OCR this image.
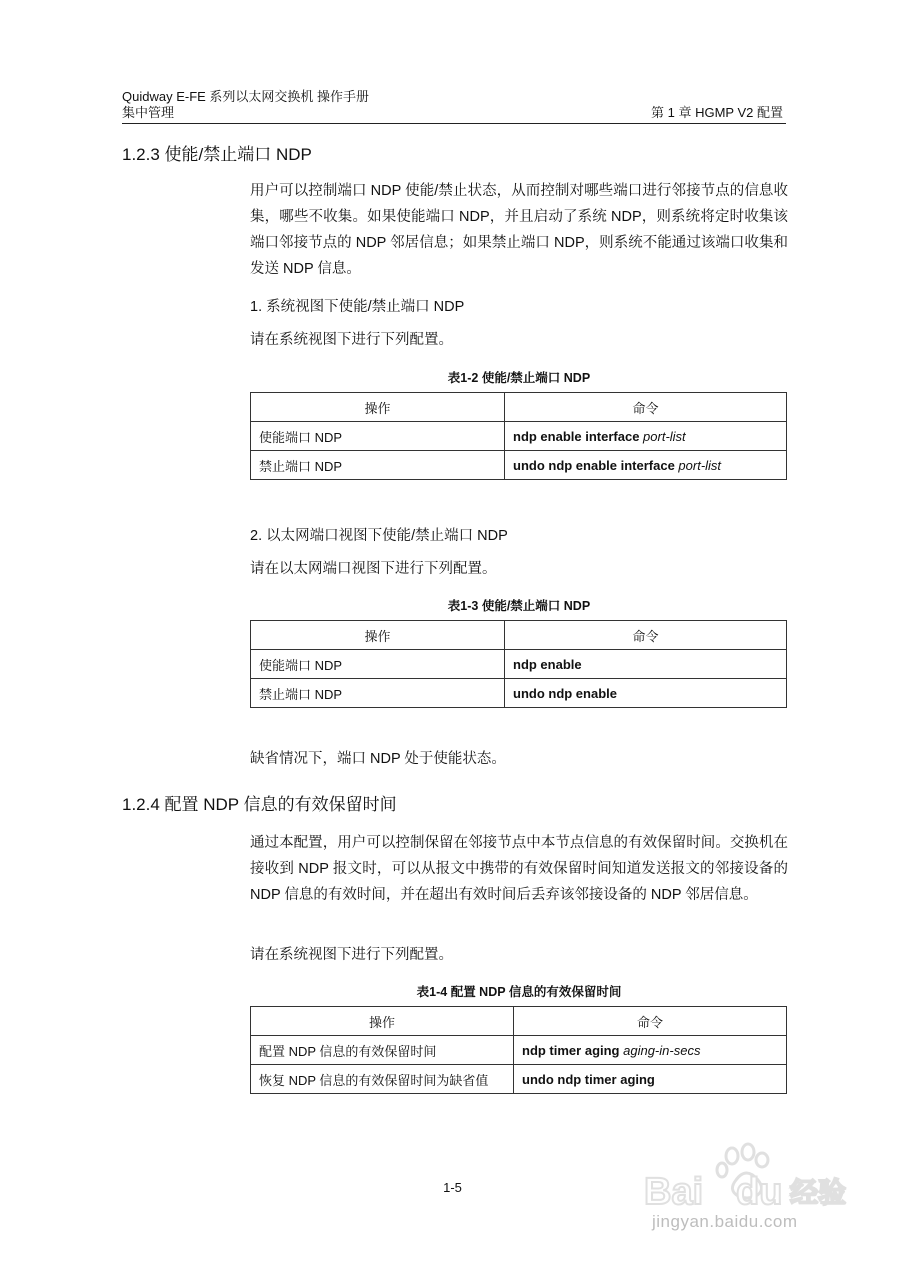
Quidway E-FE 系列以太网交换机 操作手册
集中管理	第 1 章 HGMP V2 配置
1.2.3 使能/禁止端口 NDP
用户可以控制端口 NDP 使能/禁止状态，从而控制对哪些端口进行邻接节点的信息收集，哪些不收集。如果使能端口 NDP，并且启动了系统 NDP，则系统将定时收集该端口邻接节点的 NDP 邻居信息；如果禁止端口 NDP，则系统不能通过该端口收集和发送 NDP 信息。
1. 系统视图下使能/禁止端口 NDP
请在系统视图下进行下列配置。
表1-2 使能/禁止端口 NDP
操作	命令
使能端口 NDP	ndp enable interface port-list
禁止端口 NDP	undo ndp enable interface port-list
2. 以太网端口视图下使能/禁止端口 NDP
请在以太网端口视图下进行下列配置。
表1-3 使能/禁止端口 NDP
操作	命令
使能端口 NDP	ndp enable
禁止端口 NDP	undo ndp enable
缺省情况下，端口 NDP 处于使能状态。
1.2.4 配置 NDP 信息的有效保留时间
通过本配置，用户可以控制保留在邻接节点中本节点信息的有效保留时间。交换机在接收到 NDP 报文时，可以从报文中携带的有效保留时间知道发送报文的邻接设备的 NDP 信息的有效时间，并在超出有效时间后丢弃该邻接设备的 NDP 邻居信息。
请在系统视图下进行下列配置。
表1-4 配置 NDP 信息的有效保留时间
操作	命令
配置 NDP 信息的有效保留时间	ndp timer aging aging-in-secs
恢复 NDP 信息的有效保留时间为缺省值	undo ndp timer aging
1-5	Bai du 经验
jingyan.baidu.com
